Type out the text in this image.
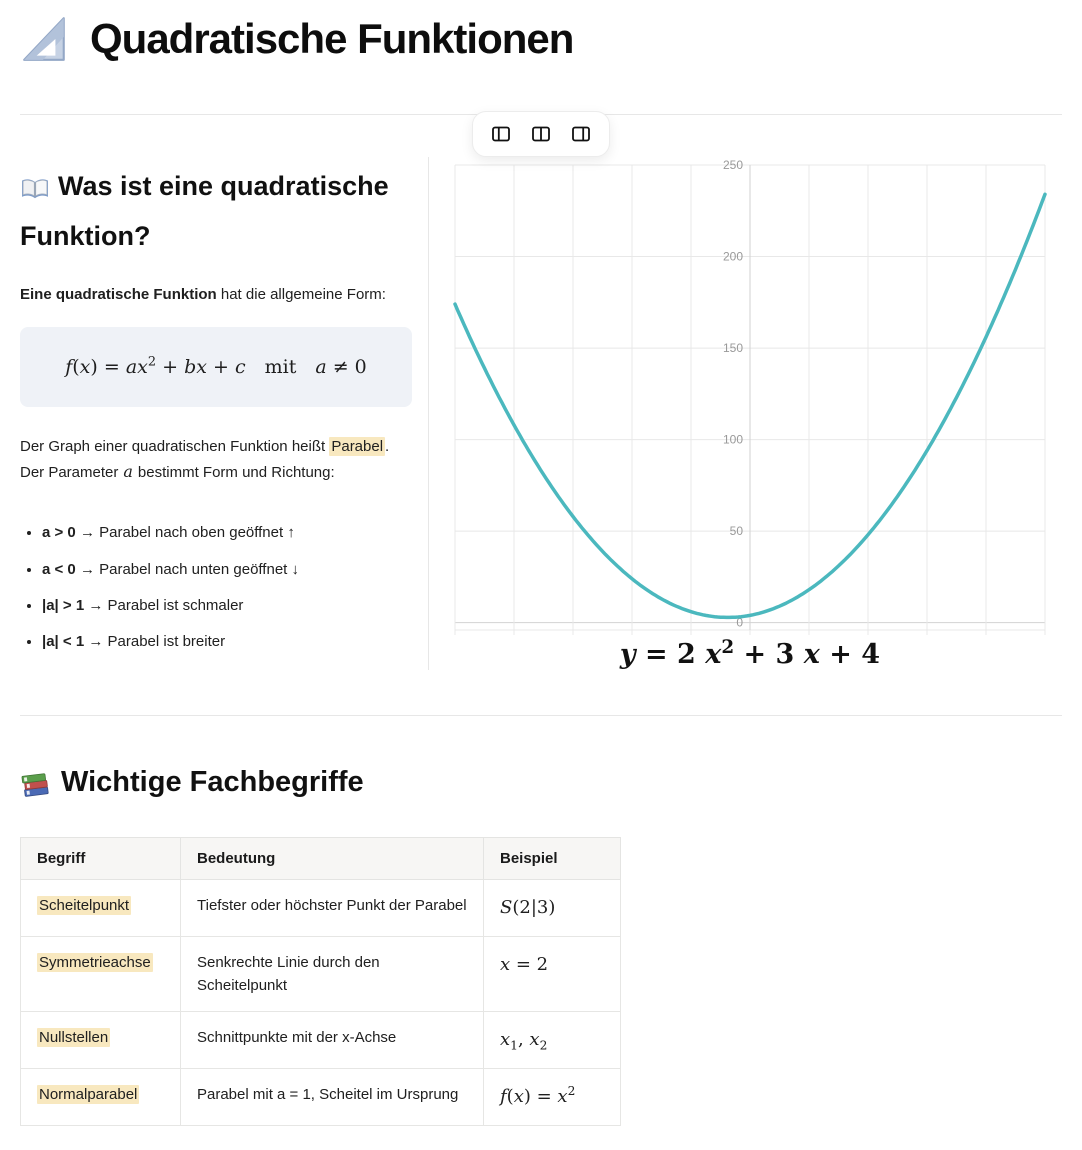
Quadratische Funktionen
Was ist eine quadratische Funktion?

Eine quadratische Funktion hat die allgemeine Form:

$f(x) = ax^2$ + bx + c mit a ≠ 0

Der Graph einer quadratischen Funktion heißt Parabel . Der Parameter a bestimmt Form und Richtung:

• a > 0 → Parabel nach oben geöffnet ↑
• a < 0 → Parabel nach unten geöffnet ↓
• |a| > 1 → Parabel ist schmaler
• |a| < 1 → Parabel ist breiter
0
50
100
150
200
250
y = 2 $x^2 + 3$ x + 4
Wichtige Fachbegriffe
Begriff	Bedeutung	Beispiel
Scheitelpunkt	Tiefster oder höchster Punkt der Parabel	S(2|3)
Symmetrieachse	Senkrechte Linie durch den Scheitelpunkt	x = 2
Nullstellen	Schnittpunkte mit der x-Achse	$x_1$, $x_2$
Normalparabel	Parabel mit a = 1, Scheitel im Ursprung	$f(x) = x^2$
